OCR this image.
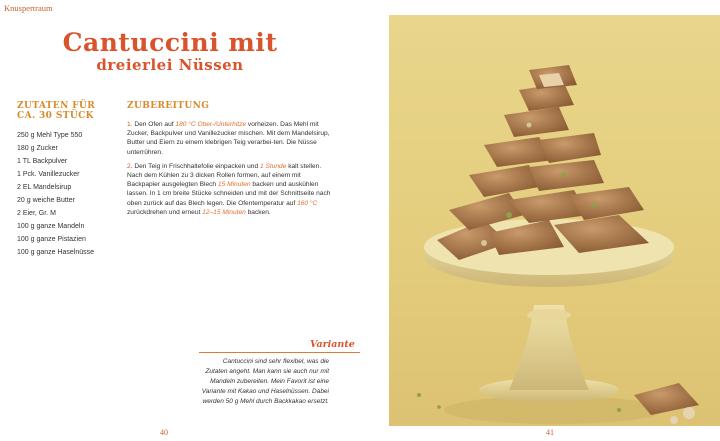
Knuspertraum
Cantuccini mit
dreierlei Nüssen
ZUTATEN FÜR
CA. 30 STÜCK
250 g Mehl Type 550
180 g Zucker
1 TL Backpulver
1 Pck. Vanillezucker
2 EL Mandelsirup
20 g weiche Butter
2 Eier, Gr. M
100 g ganze Mandeln
100 g ganze Pistazien
100 g ganze Haselnüsse
ZUBEREITUNG

1. Den Ofen auf 180 °C Ober-/Unterhitze vorheizen. Das Mehl mit Zucker, Backpulver und Vanillezucker mischen. Mit dem Mandelsirup, Butter und Eiern zu einem klebrigen Teig verarbei-ten. Die Nüsse unterrühren.

2. Den Teig in Frischhaltefolie einpacken und 1 Stunde kalt stellen. Nach dem Kühlen zu 3 dicken Rollen formen, auf einem mit Backpapier ausgelegten Blech 15 Minuten backen und auskühlen lassen. In 1 cm breite Stücke schneiden und mit der Schnittseite nach oben zurück auf das Blech legen. Die Ofentemperatur auf 160 °C zurückdrehen und erneut 12–15 Minuten backen.

Variante
Cantuccini sind sehr flexibel, was die Zutaten angeht. Man kann sie auch nur mit Mandeln zubereiten. Mein Favorit ist eine Variante mit Kakao und Haselnüssen. Dabei werden 50 g Mehl durch Backkakao ersetzt.
40	41
